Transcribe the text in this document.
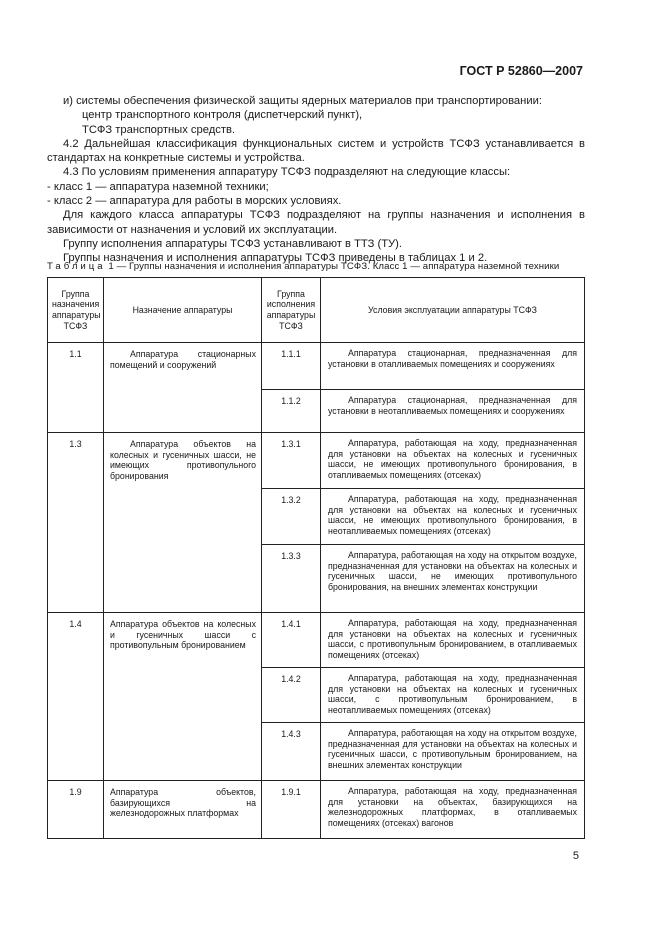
ГОСТ Р 52860—2007

и) системы обеспечения физической защиты ядерных материалов при транспортировании:

центр транспортного контроля (диспетчерский пункт),

ТСФЗ транспортных средств.

4.2 Дальнейшая классификация функциональных систем и устройств ТСФЗ устанавливается в стандартах на конкретные системы и устройства.

4.3 По условиям применения аппаратуру ТСФЗ подразделяют на следующие классы:

- класс 1 — аппаратура наземной техники;

- класс 2 — аппаратура для работы в морских условиях.

Для каждого класса аппаратуры ТСФЗ подразделяют на группы назначения и исполнения в зависимости от назначения и условий их эксплуатации.

Группу исполнения аппаратуры ТСФЗ устанавливают в ТТЗ (ТУ).

Группы назначения и исполнения аппаратуры ТСФЗ приведены в таблицах 1 и 2.

Таблица 1 — Группы назначения и исполнения аппаратуры ТСФЗ. Класс 1 — аппаратура наземной техники
Группа назначения аппаратуры ТСФЗ	Назначение аппаратуры	Группа исполнения аппаратуры ТСФЗ	Условия эксплуатации аппаратуры ТСФЗ
1.1	Аппаратура стационарных помещений и сооружений	1.1.1	Аппаратура стационарная, предназначенная для установки в отапливаемых помещениях и сооружениях
		1.1.2	Аппаратура стационарная, предназначенная для установки в неотапливаемых помещениях и сооружениях
1.3	Аппаратура объектов на колесных и гусеничных шасси, не имеющих противопульного бронирования	1.3.1	Аппаратура, работающая на ходу, предназначенная для установки на объектах на колесных и гусеничных шасси, не имеющих противопульного бронирования, в отапливаемых помещениях (отсеках)
		1.3.2	Аппаратура, работающая на ходу, предназначенная для установки на объектах на колесных и гусеничных шасси, не имеющих противопульного бронирования, в неотапливаемых помещениях (отсеках)
		1.3.3	Аппаратура, работающая на ходу на открытом воздухе, предназначенная для установки на объектах на колесных и гусеничных шасси, не имеющих противопульного бронирования, на внешних элементах конструкции
1.4	Аппаратура объектов на колесных и гусеничных шасси с противопульным бронированием	1.4.1	Аппаратура, работающая на ходу, предназначенная для установки на объектах на колесных и гусеничных шасси, с противопульным бронированием, в отапливаемых помещениях (отсеках)
		1.4.2	Аппаратура, работающая на ходу, предназначенная для установки на объектах на колесных и гусеничных шасси, с противопульным бронированием, в неотапливаемых помещениях (отсеках)
		1.4.3	Аппаратура, работающая на ходу на открытом воздухе, предназначенная для установки на объектах на колесных и гусеничных шасси, с противопульным бронированием, на внешних элементах конструкции
1.9	Аппаратура объектов, базирующихся на железнодорожных платформах	1.9.1	Аппаратура, работающая на ходу, предназначенная для установки на объектах, базирующихся на железнодорожных платформах, в отапливаемых помещениях (отсеках) вагонов
5
